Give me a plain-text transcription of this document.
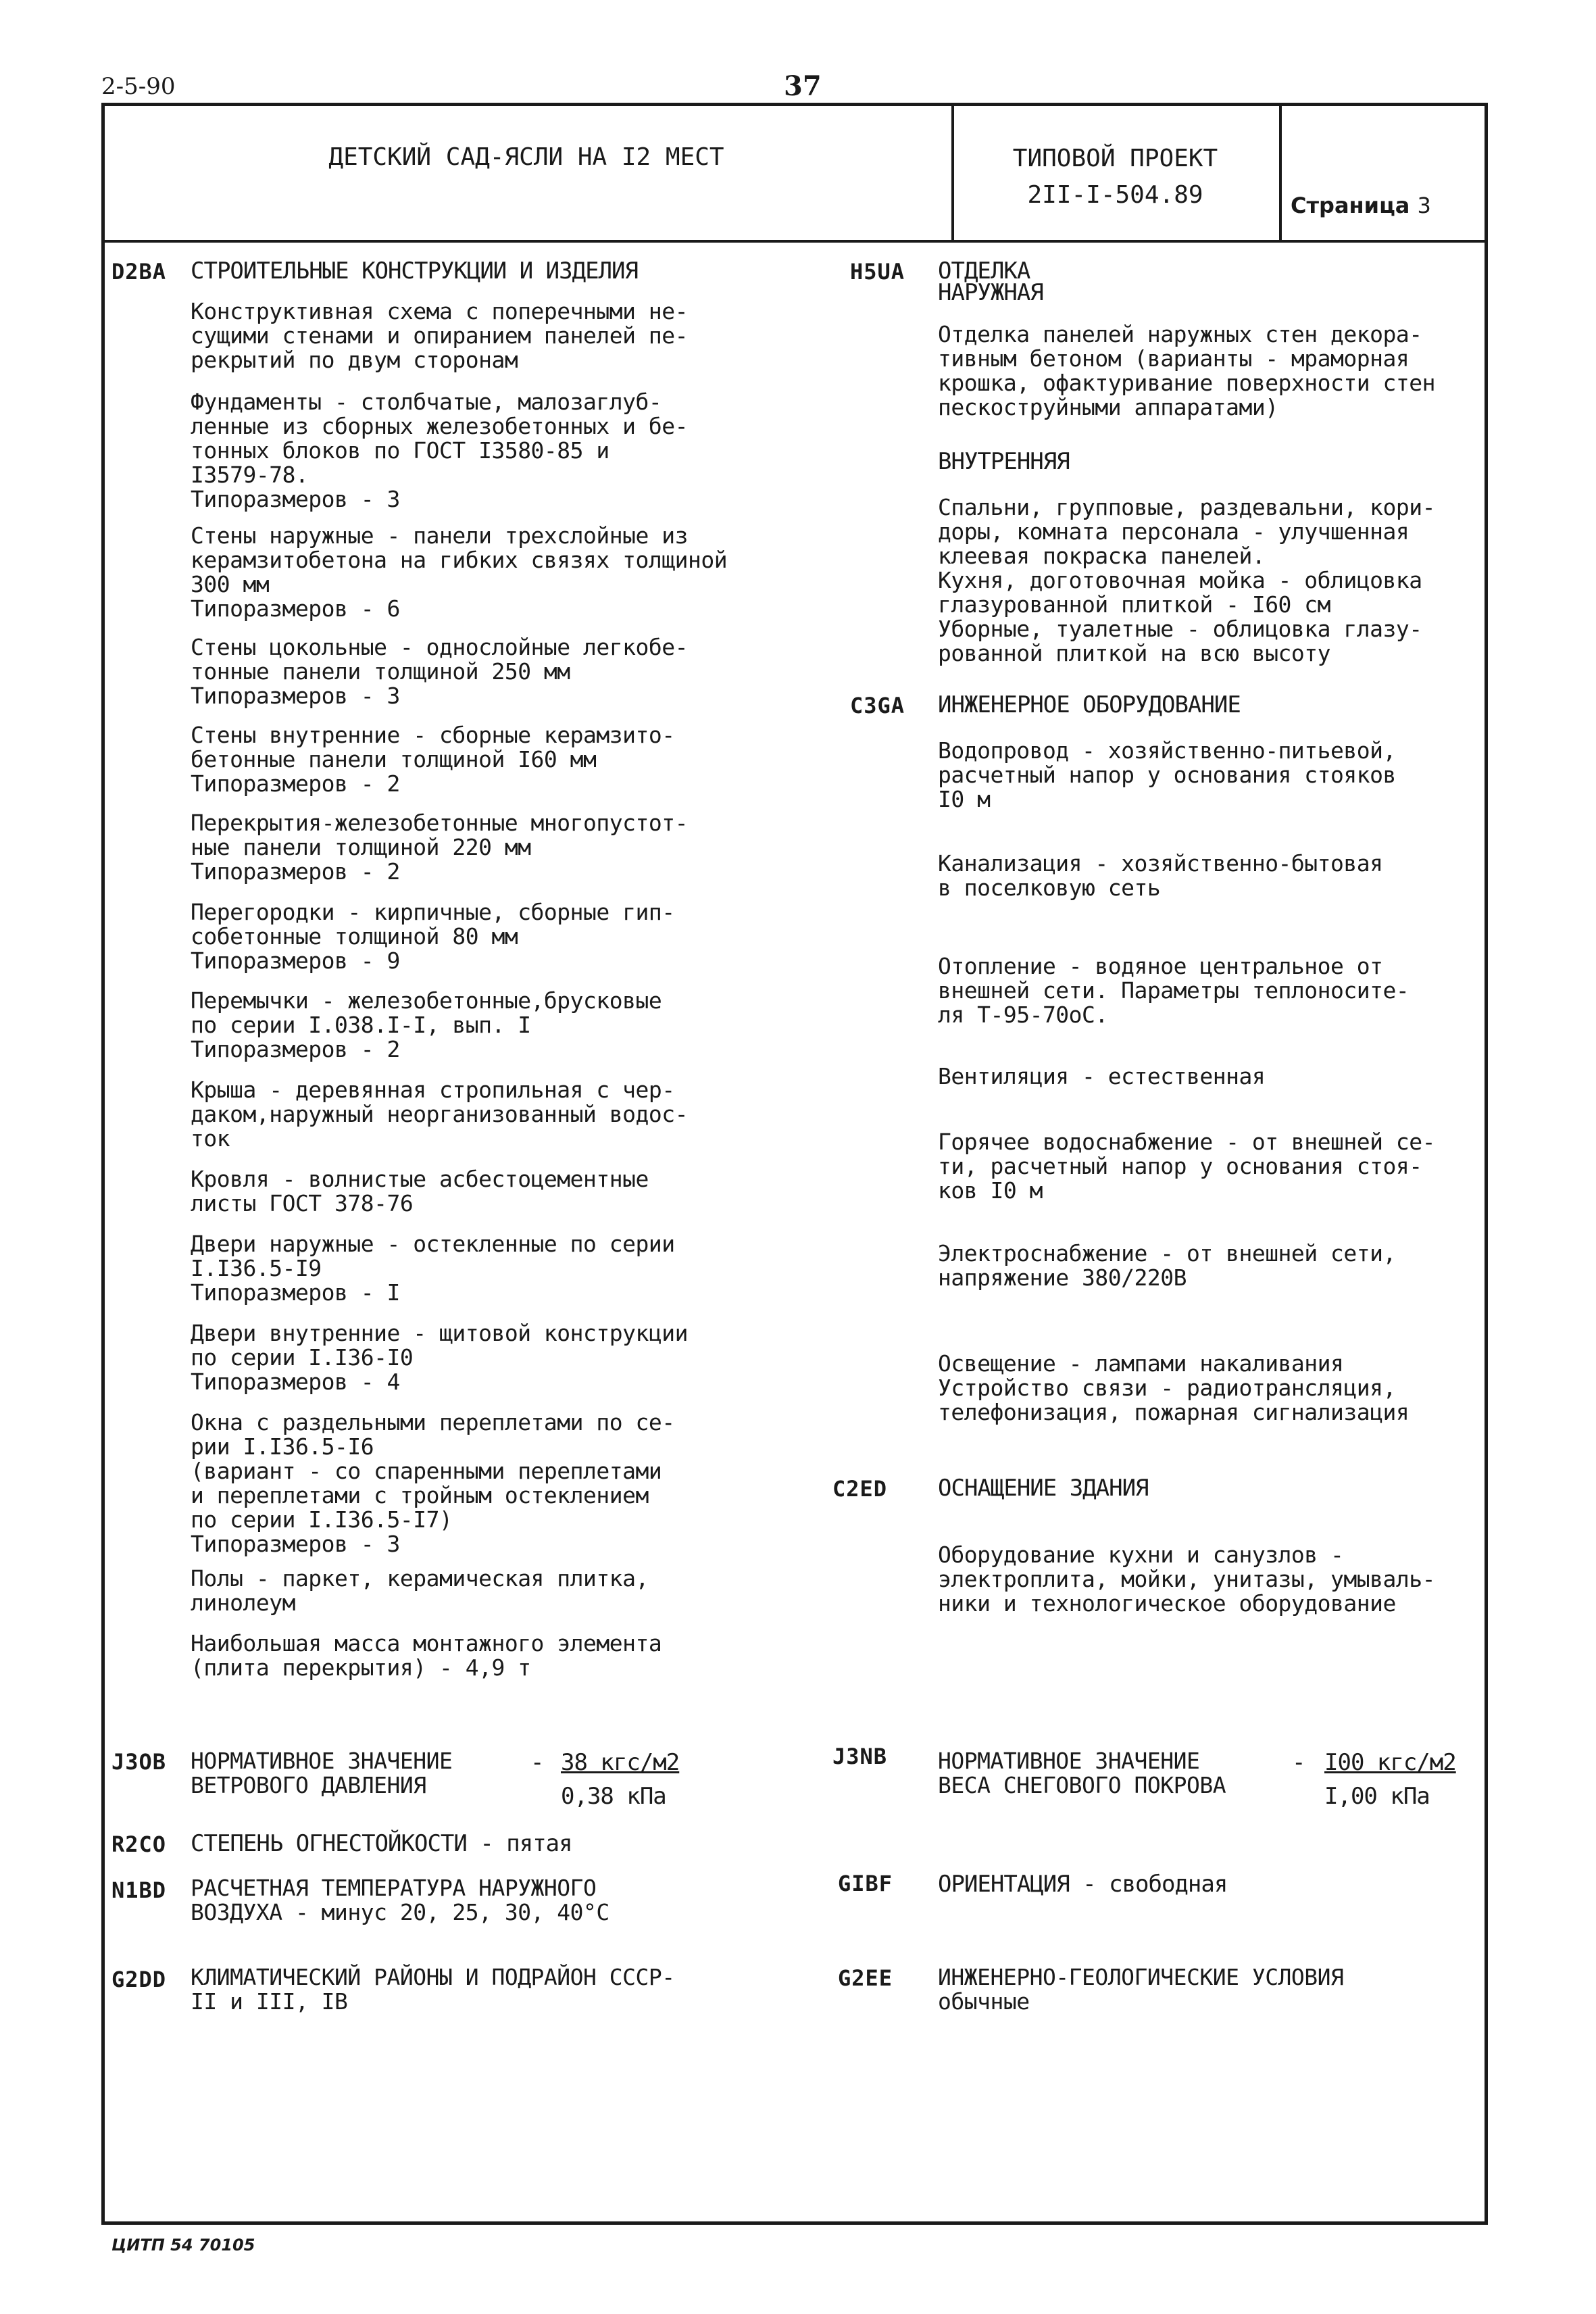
2-5-90	37
ДЕТСКИЙ САД-ЯСЛИ НА I2 МЕСТ	ТИПОВОЙ ПРОЕКТ
2II-I-504.89	Страница 3
D2BA СТРОИТЕЛЬНЫЕ КОНСТРУКЦИИ И ИЗДЕЛИЯ
Конструктивная схема с поперечными не-
сущими стенами и опиранием панелей пе-
рекрытий по двум сторонам
Фундаменты - столбчатые, малозаглуб-
ленные из сборных железобетонных и бе-
тонных блоков по ГОСТ I3580-85 и
I3579-78.
Типоразмеров - 3
Стены наружные - панели трехслойные из
керамзитобетона на гибких связях толщиной
300 мм
Типоразмеров - 6
Стены цокольные - однослойные легкобе-
тонные панели толщиной 250 мм
Типоразмеров - 3
Стены внутренние - сборные керамзито-
бетонные панели толщиной I60 мм
Типоразмеров - 2
Перекрытия-железобетонные многопустот-
ные панели толщиной 220 мм
Типоразмеров - 2
Перегородки - кирпичные, сборные гип-
собетонные толщиной 80 мм
Типоразмеров - 9
Перемычки - железобетонные,брусковые
по серии I.038.I-I, вып. I
Типоразмеров - 2
Крыша - деревянная стропильная с чер-
даком,наружный неорганизованный водос-
ток
Кровля - волнистые асбестоцементные
листы ГОСТ 378-76
Двери наружные - остекленные по серии
I.I36.5-I9
Типоразмеров - I
Двери внутренние - щитовой конструкции
по серии I.I36-I0
Типоразмеров - 4
Окна с раздельными переплетами по се-
рии I.I36.5-I6
(вариант - со спаренными переплетами
и переплетами с тройным остеклением
по серии I.I36.5-I7)
Типоразмеров - 3
Полы - паркет, керамическая плитка,
линолеум
Наибольшая масса монтажного элемента
(плита перекрытия) - 4,9 т
H5UA ОТДЕЛКА
НАРУЖНАЯ
Отделка панелей наружных стен декора-
тивным бетоном (варианты - мраморная
крошка, офактуривание поверхности стен
пескоструйными аппаратами)
ВНУТРЕННЯЯ
Спальни, групповые, раздевальни, кори-
доры, комната персонала - улучшенная
клеевая покраска панелей.
Кухня, доготовочная мойка - облицовка
глазурованной плиткой - I60 см
Уборные, туалетные - облицовка глазу-
рованной плиткой на всю высоту
C3GA ИНЖЕНЕРНОЕ ОБОРУДОВАНИЕ
Водопровод - хозяйственно-питьевой,
расчетный напор у основания стояков
I0 м
Канализация - хозяйственно-бытовая
в поселковую сеть
Отопление - водяное центральное от
внешней сети. Параметры теплоносите-
ля Т-95-70оС.
Вентиляция - естественная
Горячее водоснабжение - от внешней се-
ти, расчетный напор у основания стоя-
ков I0 м
Электроснабжение - от внешней сети,
напряжение 380/220В
Освещение - лампами накаливания
Устройство связи - радиотрансляция,
телефонизация, пожарная сигнализация
C2ED ОСНАЩЕНИЕ ЗДАНИЯ
Оборудование кухни и санузлов -
электроплита, мойки, унитазы, умываль-
ники и технологическое оборудование
J3OB НОРМАТИВНОЕ ЗНАЧЕНИЕ
ВЕТРОВОГО ДАВЛЕНИЯ
- 38 кгс/м2
0,38 кПа
J3NB НОРМАТИВНОЕ ЗНАЧЕНИЕ
ВЕСА СНЕГОВОГО ПОКРОВА
- I00 кгс/м2
I,00 кПа
R2CO СТЕПЕНЬ ОГНЕСТОЙКОСТИ - пятая
GIBF ОРИЕНТАЦИЯ - свободная
N1BD РАСЧЕТНАЯ ТЕМПЕРАТУРА НАРУЖНОГО
ВОЗДУХА - минус 20, 25, 30, 40°С
G2DD КЛИМАТИЧЕСКИЙ РАЙОНЫ И ПОДРАЙОН СССР-
II и III, IB
G2EE ИНЖЕНЕРНО-ГЕОЛОГИЧЕСКИЕ УСЛОВИЯ
обычные
ЦИТП 54 70105
